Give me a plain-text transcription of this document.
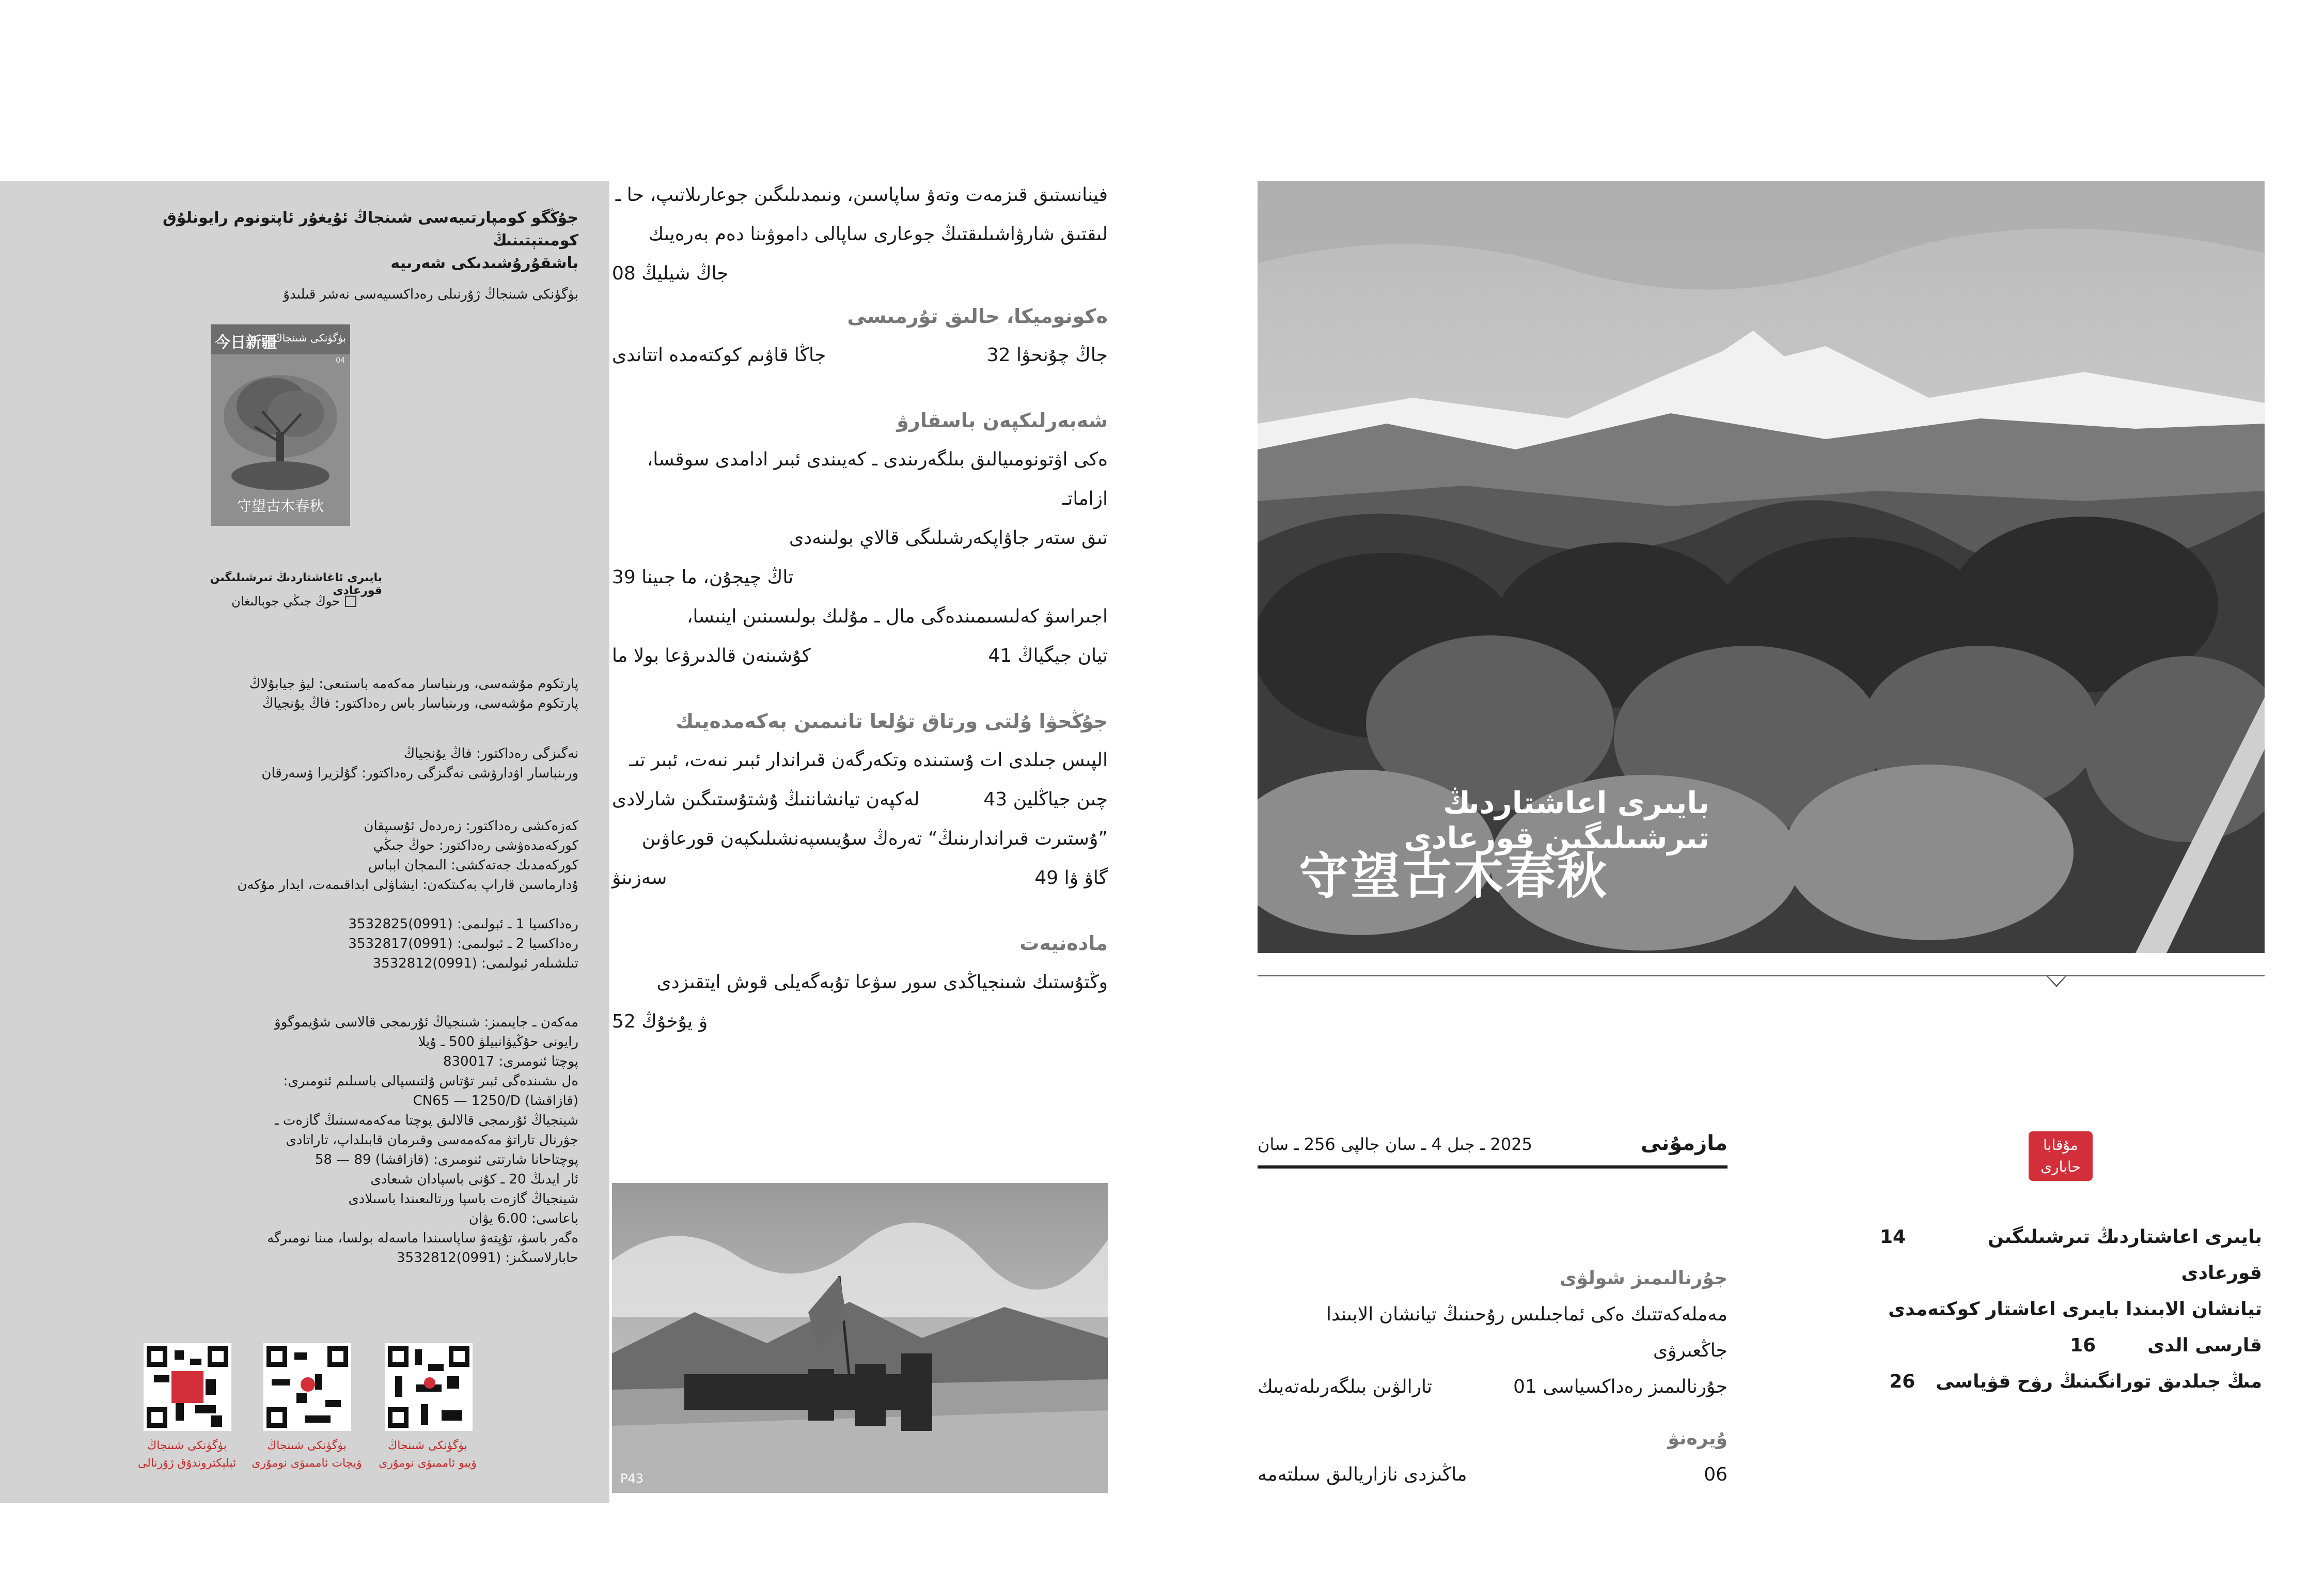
جۇڭگو كومپارتىيەسى شىنجاڭ ئۇيغۇر ئاپتونوم رايونلۇق كومىتېتىنىڭ
باشقۇرۇشىدىكى شەرىيە
بۈگۈنكى شىنجاڭ ژۇرنىلى رەداكسىيەسى نەشر قىلىدۇ
今日新疆
بۈگۈنكى شىنجاڭ
04
守望古木春秋
بايىرى ئاغاشتاردىڭ تىرشىلىگىن قورعادى
حوڭ جىڭي جوبالىغان
پارتكوم مۇشەسى، ورىنباسار مەكەمە باستىعى: ليۋ جيابۇلاڭ
پارتكوم مۇشەسى، ورىنباسار باس رەداكتور: فاڭ يۇنجياڭ
نەگىزگى رەداكتور: فاڭ يۇنجياڭ
ورىنباسار اۋدارۋشى نەگىزگى رەداكتور: گۇلزيرا ۋسەرقان
كەزەكشى رەداكتور: زەردەل ئۇسىپقان
كوركەمدەۋشى رەداكتور: حوڭ جىڭي
كوركەمدىك جەتەكشى: الىمجان ابباس
ۇدارماسىن قاراپ بەكىتكەن: ايشاۋلى ابداقىمەت، ايدار مۇكەن
رەداكسيا 1 ـ ئبولىمى: (0991)3532825
رەداكسيا 2 ـ ئبولىمى: (0991)3532817
تىلشىلەر ئبولىمى: (0991)3532812
مەكەن ـ جايىمىز: شىنجياڭ ئۇرىمجى قالاسى شۇيموگوۋ
رايونى حۇڭيۋانبيلۋ 500 ـ ۇيلا
پوچتا ئنومىرى: 830017
ەل ىشىندەگى ئبىر تۇتاس ۇلتىسپالى باسىلىم ئنومىرى:
(قازاقشا) CN65 — 1250/D
شينجياڭ ئۇرىمجى قالالىق پوچتا مەكەمەسىنىڭ گازەت ـ
جۋرنال تاراتۋ مەكەمەسى وقىرمان قابىلداپ، تاراتادى
پوچتاحانا شارتتى ئنومىرى: (قازاقشا) 89 — 58
ئار ايدىڭ 20 ـ كۇنى باسپادان شىعادى
شينجياڭ گازەت باسپا ورتالىعىندا باسىلادى
باعاسى: 6.00 يۋان
ەگەر باسۋ، تۇپتەۋ ساپاسىندا ماسەلە بولسا، مىنا نومىرگە
حابارلاسىڭىز: (0991)3532812
بۈگۈنكى شىنجاڭ
ئېلېكتروندۇق ژۇرنالى
بۈگۈنكى شىنجاڭ
ۋيچات ئاممىۋى نومۇرى
بۈگۈنكى شىنجاڭ
ۋيبو ئاممىۋى نومۇرى
فينانستىق قىزمەت وتەۋ ساپاسىن، ونىمدىلىگىن جوعارىلاتىپ، حا ـ
لىقتىق شارۋاشىلىقتىڭ جوعارى ساپالى داموۋىنا دەم بەرەيىك
جاڭ شيليڭ 08
ەكونوميكا، حالىق تۇرمىسى
جاڭا قاۋىم كوكتەمدە اتتاندى	جاڭ چۇنحۋا 32
شەبەرلىكپەن باسقارۋ
ەكى اۋتونومىيالىق بىلگەرىندى ـ كەيىندى ئبىر ادامدى سوقسا، ازاماتـ
تىق ستەر جاۋاپكەرشىلىگى قالاي بولىنەدى
تاڭ چيجۇن، ما جىينا 39
اجىراسۋ كەلىسىمىندەگى مال ـ مۇلىك بولىسىنىن اينىسا،
كۇشىنەن قالدىرۋعا بولا ما	تيان جيگياڭ 41
جۇڭحۋا ۇلتى ورتاق تۇلعا تانىمىن بەكەمدەيىك
الپىس جىلدى ات ۇستىندە وتكەرگەن قىراندار ئبىر نىەت، ئبىر تىـ
لەكپەن تيانشاننىڭ ۇشتۇستىگىن شارلادى	چىن جياڭلين 43
”ۇستىرت قىراندارىنىڭ“ تەرەڭ سۇيىسپەنشىلىكپەن قورعاۋىن
سەزىنۋ	گاۋ ۋا 49
مادەنيەت
وڭتۇستىك شىنجياڭدى سور سۋعا تۇبەگەيلى قوش ايتقىزدى
ۋ يۇخۇڭ 52
P43
بايىرى اعاشتاردىڭ تىرشىلىگىن قورعادى
守望古木春秋
مۇقابا
حابارى
بايىرى اعاشتاردىڭ تىرشىلىگىن قورعادى
14
تيانشان الابىندا بايىرى اعاشتار كوكتەمدى
قارسى الدى
16
مىڭ جىلدىق تورانگىنىڭ رۋح قۋياسى
26
مازمۇنى
2025 ـ جىل 4 ـ سان جالپى 256 ـ سان
جۇرنالىمىز شولۋى
مەملەكەتتىك ەكى ئماجىلىس رۇحىنىڭ تيانشان الابىندا جاڭعىرۋى
تارالۋىن بىلگەرىلەتەيىك	جۇرنالىمىز رەداكسياسى 01
ۇيرەنۋ
ماڭىزدى نازاريالىق سىلتەمە	06
